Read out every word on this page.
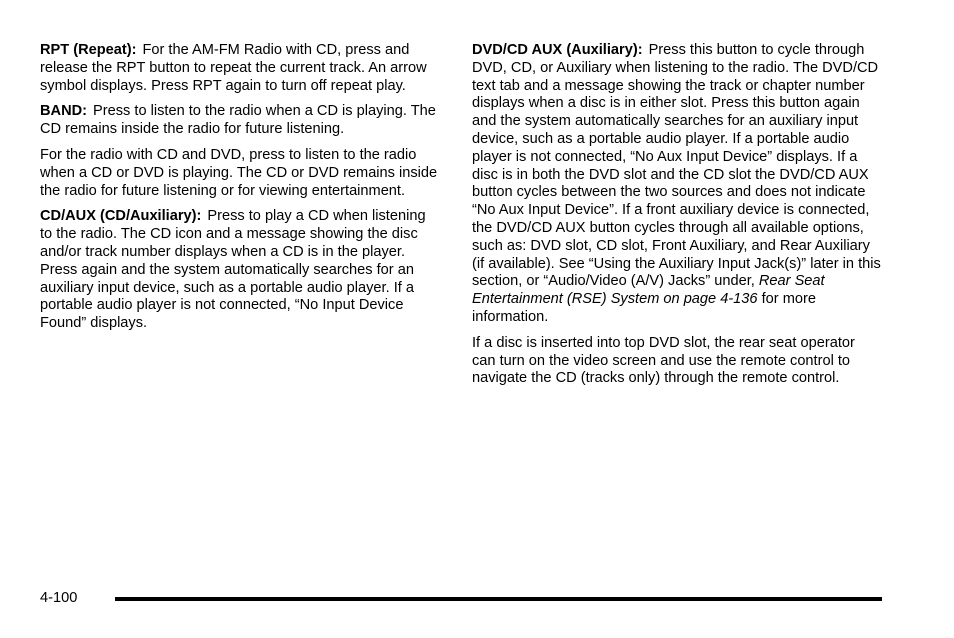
RPT (Repeat): For the AM-FM Radio with CD, press and release the RPT button to repeat the current track. An arrow symbol displays. Press RPT again to turn off repeat play.

BAND: Press to listen to the radio when a CD is playing. The CD remains inside the radio for future listening.

For the radio with CD and DVD, press to listen to the radio when a CD or DVD is playing. The CD or DVD remains inside the radio for future listening or for viewing entertainment.

CD/AUX (CD/Auxiliary): Press to play a CD when listening to the radio. The CD icon and a message showing the disc and/or track number displays when a CD is in the player. Press again and the system automatically searches for an auxiliary input device, such as a portable audio player. If a portable audio player is not connected, “No Input Device Found” displays.

DVD/CD AUX (Auxiliary): Press this button to cycle through DVD, CD, or Auxiliary when listening to the radio. The DVD/CD text tab and a message showing the track or chapter number displays when a disc is in either slot. Press this button again and the system automatically searches for an auxiliary input device, such as a portable audio player. If a portable audio player is not connected, “No Aux Input Device” displays. If a disc is in both the DVD slot and the CD slot the DVD/CD AUX button cycles between the two sources and does not indicate “No Aux Input Device”. If a front auxiliary device is connected, the DVD/CD AUX button cycles through all available options, such as: DVD slot, CD slot, Front Auxiliary, and Rear Auxiliary (if available). See “Using the Auxiliary Input Jack(s)” later in this section, or “Audio/Video (A/V) Jacks” under, Rear Seat Entertainment (RSE) System on page 4-136 for more information.

If a disc is inserted into top DVD slot, the rear seat operator can turn on the video screen and use the remote control to navigate the CD (tracks only) through the remote control.

4-100
